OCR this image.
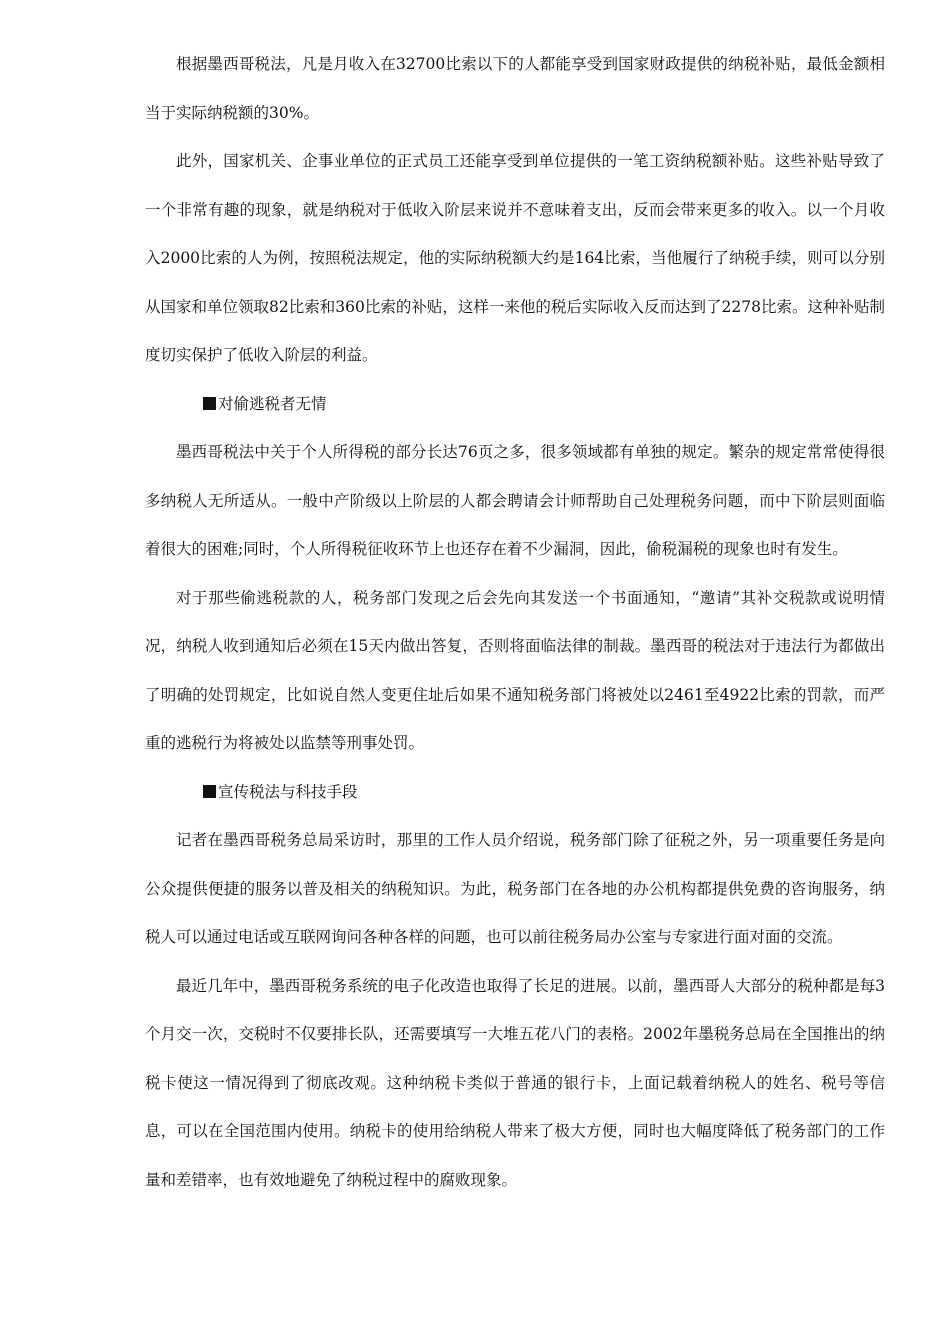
根据墨西哥税法，凡是月收入在32700比索以下的人都能享受到国家财政提供的纳税补贴，最低金额相当于实际纳税额的30%。

此外，国家机关、企事业单位的正式员工还能享受到单位提供的一笔工资纳税额补贴。这些补贴导致了一个非常有趣的现象，就是纳税对于低收入阶层来说并不意味着支出，反而会带来更多的收入。以一个月收入2000比索的人为例，按照税法规定，他的实际纳税额大约是164比索，当他履行了纳税手续，则可以分别从国家和单位领取82比索和360比索的补贴，这样一来他的税后实际收入反而达到了2278比索。这种补贴制度切实保护了低收入阶层的利益。

对偷逃税者无情

墨西哥税法中关于个人所得税的部分长达76页之多，很多领域都有单独的规定。繁杂的规定常常使得很多纳税人无所适从。一般中产阶级以上阶层的人都会聘请会计师帮助自己处理税务问题，而中下阶层则面临着很大的困难;同时，个人所得税征收环节上也还存在着不少漏洞，因此，偷税漏税的现象也时有发生。

对于那些偷逃税款的人，税务部门发现之后会先向其发送一个书面通知，“邀请”其补交税款或说明情况，纳税人收到通知后必须在15天内做出答复，否则将面临法律的制裁。墨西哥的税法对于违法行为都做出了明确的处罚规定，比如说自然人变更住址后如果不通知税务部门将被处以2461至4922比索的罚款，而严重的逃税行为将被处以监禁等刑事处罚。

宣传税法与科技手段

记者在墨西哥税务总局采访时，那里的工作人员介绍说，税务部门除了征税之外，另一项重要任务是向公众提供便捷的服务以普及相关的纳税知识。为此，税务部门在各地的办公机构都提供免费的咨询服务，纳税人可以通过电话或互联网询问各种各样的问题，也可以前往税务局办公室与专家进行面对面的交流。

最近几年中，墨西哥税务系统的电子化改造也取得了长足的进展。以前，墨西哥人大部分的税种都是每3个月交一次，交税时不仅要排长队，还需要填写一大堆五花八门的表格。2002年墨税务总局在全国推出的纳税卡使这一情况得到了彻底改观。这种纳税卡类似于普通的银行卡，上面记载着纳税人的姓名、税号等信息，可以在全国范围内使用。纳税卡的使用给纳税人带来了极大方便，同时也大幅度降低了税务部门的工作量和差错率，也有效地避免了纳税过程中的腐败现象。
